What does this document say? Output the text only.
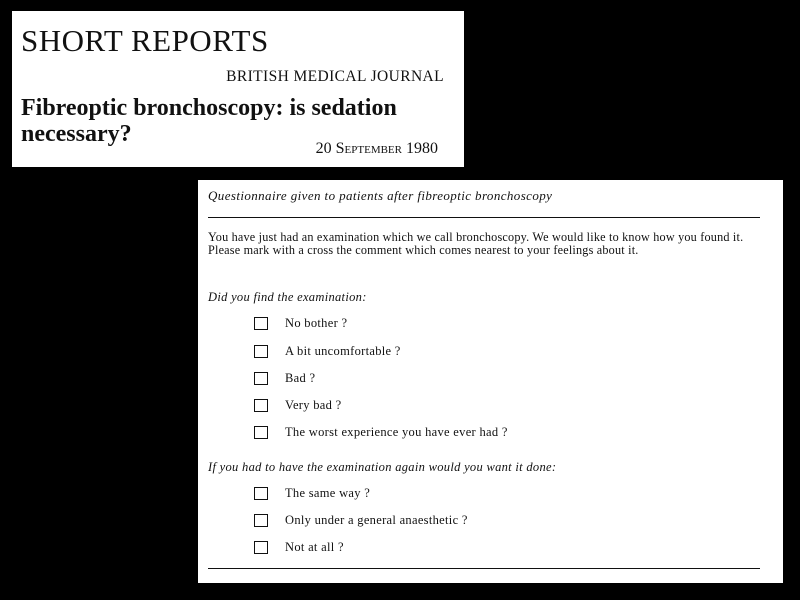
SHORT REPORTS
BRITISH MEDICAL JOURNAL
Fibreoptic bronchoscopy: is sedation necessary?
20 September 1980
Questionnaire given to patients after fibreoptic bronchoscopy
You have just had an examination which we call bronchoscopy. We would like to know how you found it. Please mark with a cross the comment which comes nearest to your feelings about it.
Did you find the examination:
No bother ?
A bit uncomfortable ?
Bad ?
Very bad ?
The worst experience you have ever had ?
If you had to have the examination again would you want it done:
The same way ?
Only under a general anaesthetic ?
Not at all ?
